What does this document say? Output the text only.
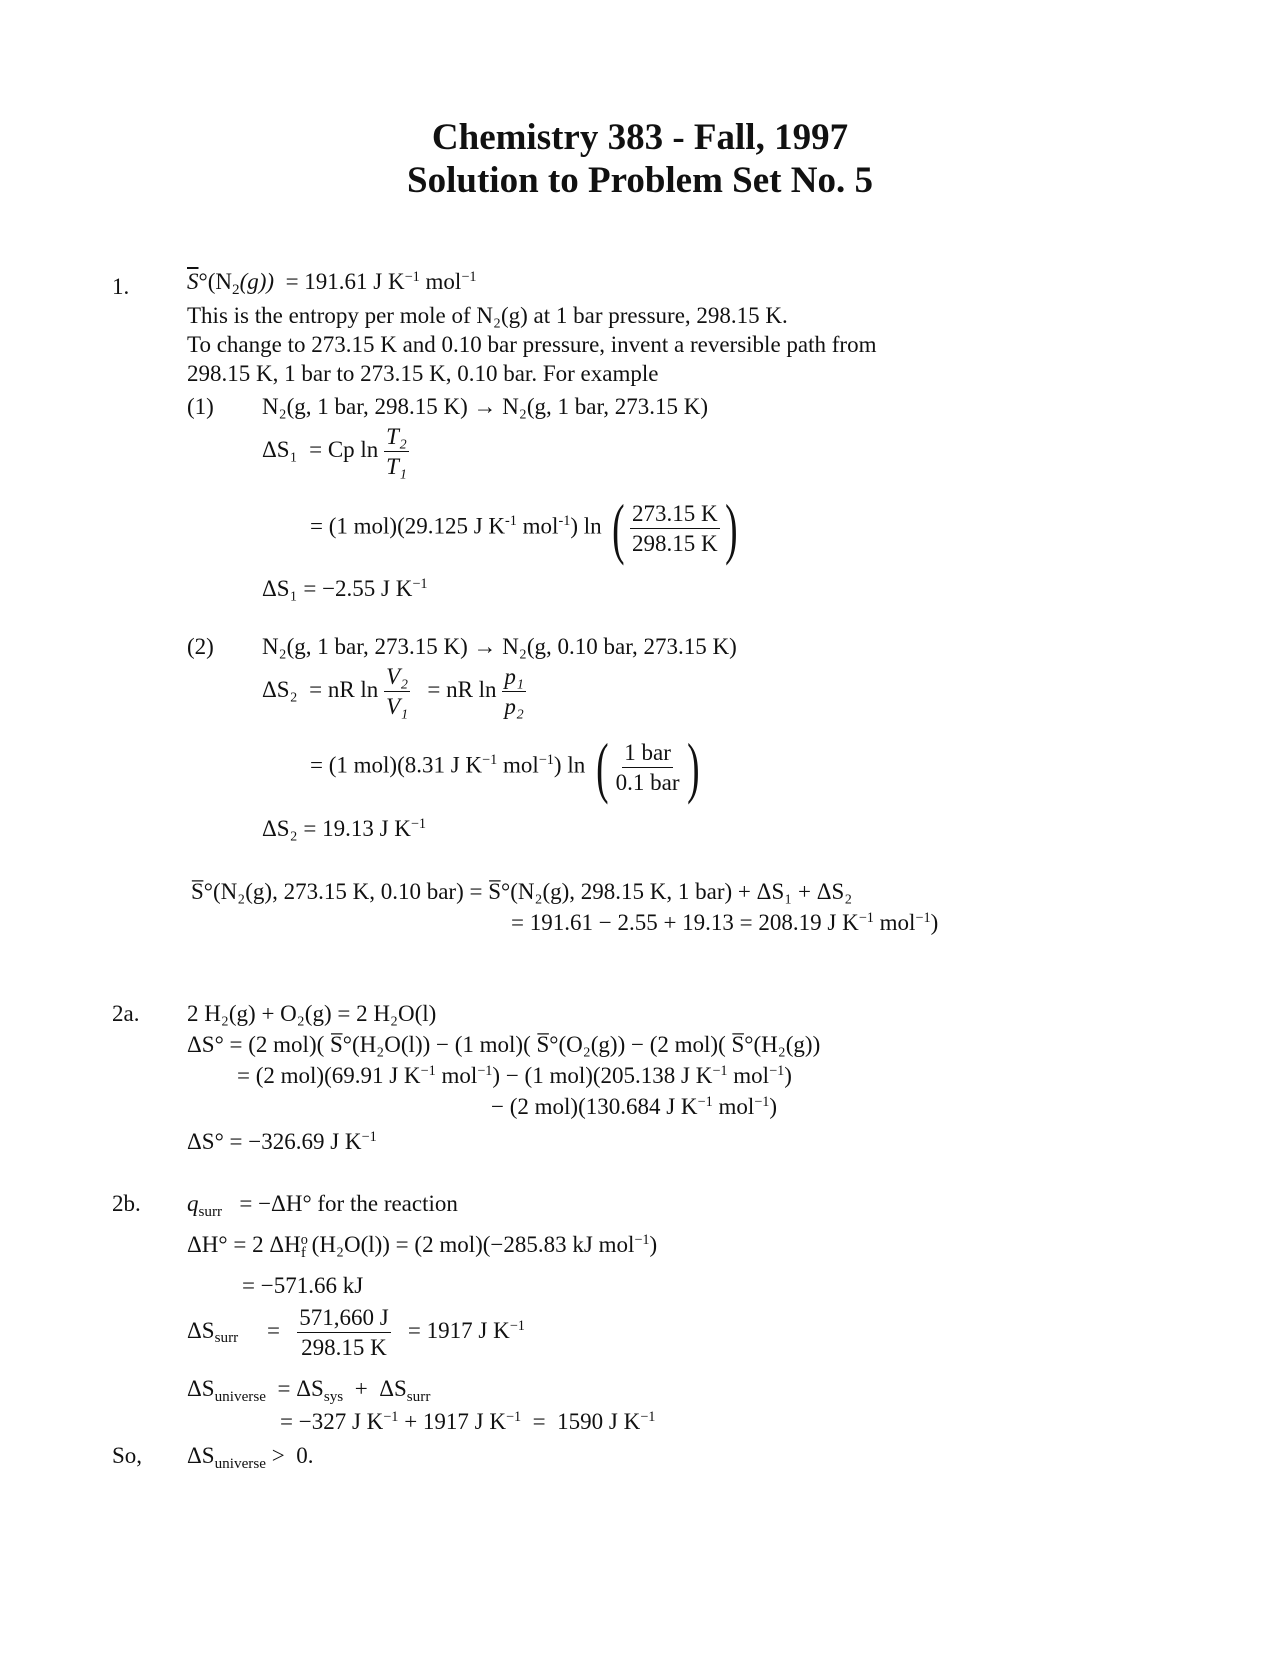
Chemistry 383 - Fall, 1997
Solution to Problem Set No. 5
1.	$\overline{S}^\circ(N_2(g)) = 191.61$ J $K^{-1}$ mol$^{-1}$
This is the entropy per mole of N₂(g) at 1 bar pressure, 298.15 K.
To change to 273.15 K and 0.10 bar pressure, invent a reversible path from
298.15 K, 1 bar to 273.15 K, 0.10 bar. For example
(1) N₂(g, 1 bar, 298.15 K) → N₂(g, 1 bar, 273.15 K)
ΔS₁ = Cp $\ln \frac{\text{T₂}}{\text{T₁}}$
= (1 mol)(29.125 J $K^{-1}$ mol$^{-1}$) ln ( $\frac{273.15 K}{298.15 K}$ )
ΔS₁ = −2.55 J $K^{-1}$
(2) N₂(g, 1 bar, 273.15 K) → N₂(g, 0.10 bar, 273.15 K)
ΔS₂ = nR $\ln \frac{\text{V₂}}{\text{V₁}}$ = nR $\ln \frac{\text{p₁}}{\text{p₂}}$
= (1 mol)(8.31 J $K^{-1}$ mol$^{-1}$) ln ( $\frac{\text{1 bar}}{\text{0.1 bar}}$ )
ΔS₂ = 19.13 J $K^{-1}$
S̅°(N₂(g), 273.15 K, 0.10 bar) = S̅°(N₂(g), 298.15 K, 1 bar) + ΔS₁ + ΔS₂
= 191.61 − 2.55 + 19.13 = 208.19 J $K^{-1}$ mol$^{-1}$)
2a. 2 H₂(g) + O₂(g) = 2 H₂O(l)
ΔS° = (2 mol)( S̅°(H₂O(l)) − (1 mol)( S̅°(O₂(g)) − (2 mol)( S̅°(H₂(g))
= (2 mol)(69.91 J $K^{-1}$ mol$^{-1}$) − (1 mol)(205.138 J $K^{-1}$ mol$^{-1}$)
− (2 mol)(130.684 J $K^{-1}$ mol$^{-1}$)
ΔS° = −326.69 J $K^{-1}$
2b. $q_{surr} = -\Delta H^\circ$ for the reaction
ΔH° = 2 $\Delta H^o_f$ (H₂O(l)) = (2 mol)(−285.83 kJ mol$^{-1}$)
= −571.66 kJ
$\Delta S_{surr} = \frac{571,660 J}{298.15 K} = 1917$ J $K^{-1}$
$\Delta S_{universe} = \Delta S_{sys} + \Delta S_{surr}$
= −327 J $K^{-1} + 1917$ J $K^{-1} = 1590$ J $K^{-1}$
So, $\Delta S_{universe} > 0$.
